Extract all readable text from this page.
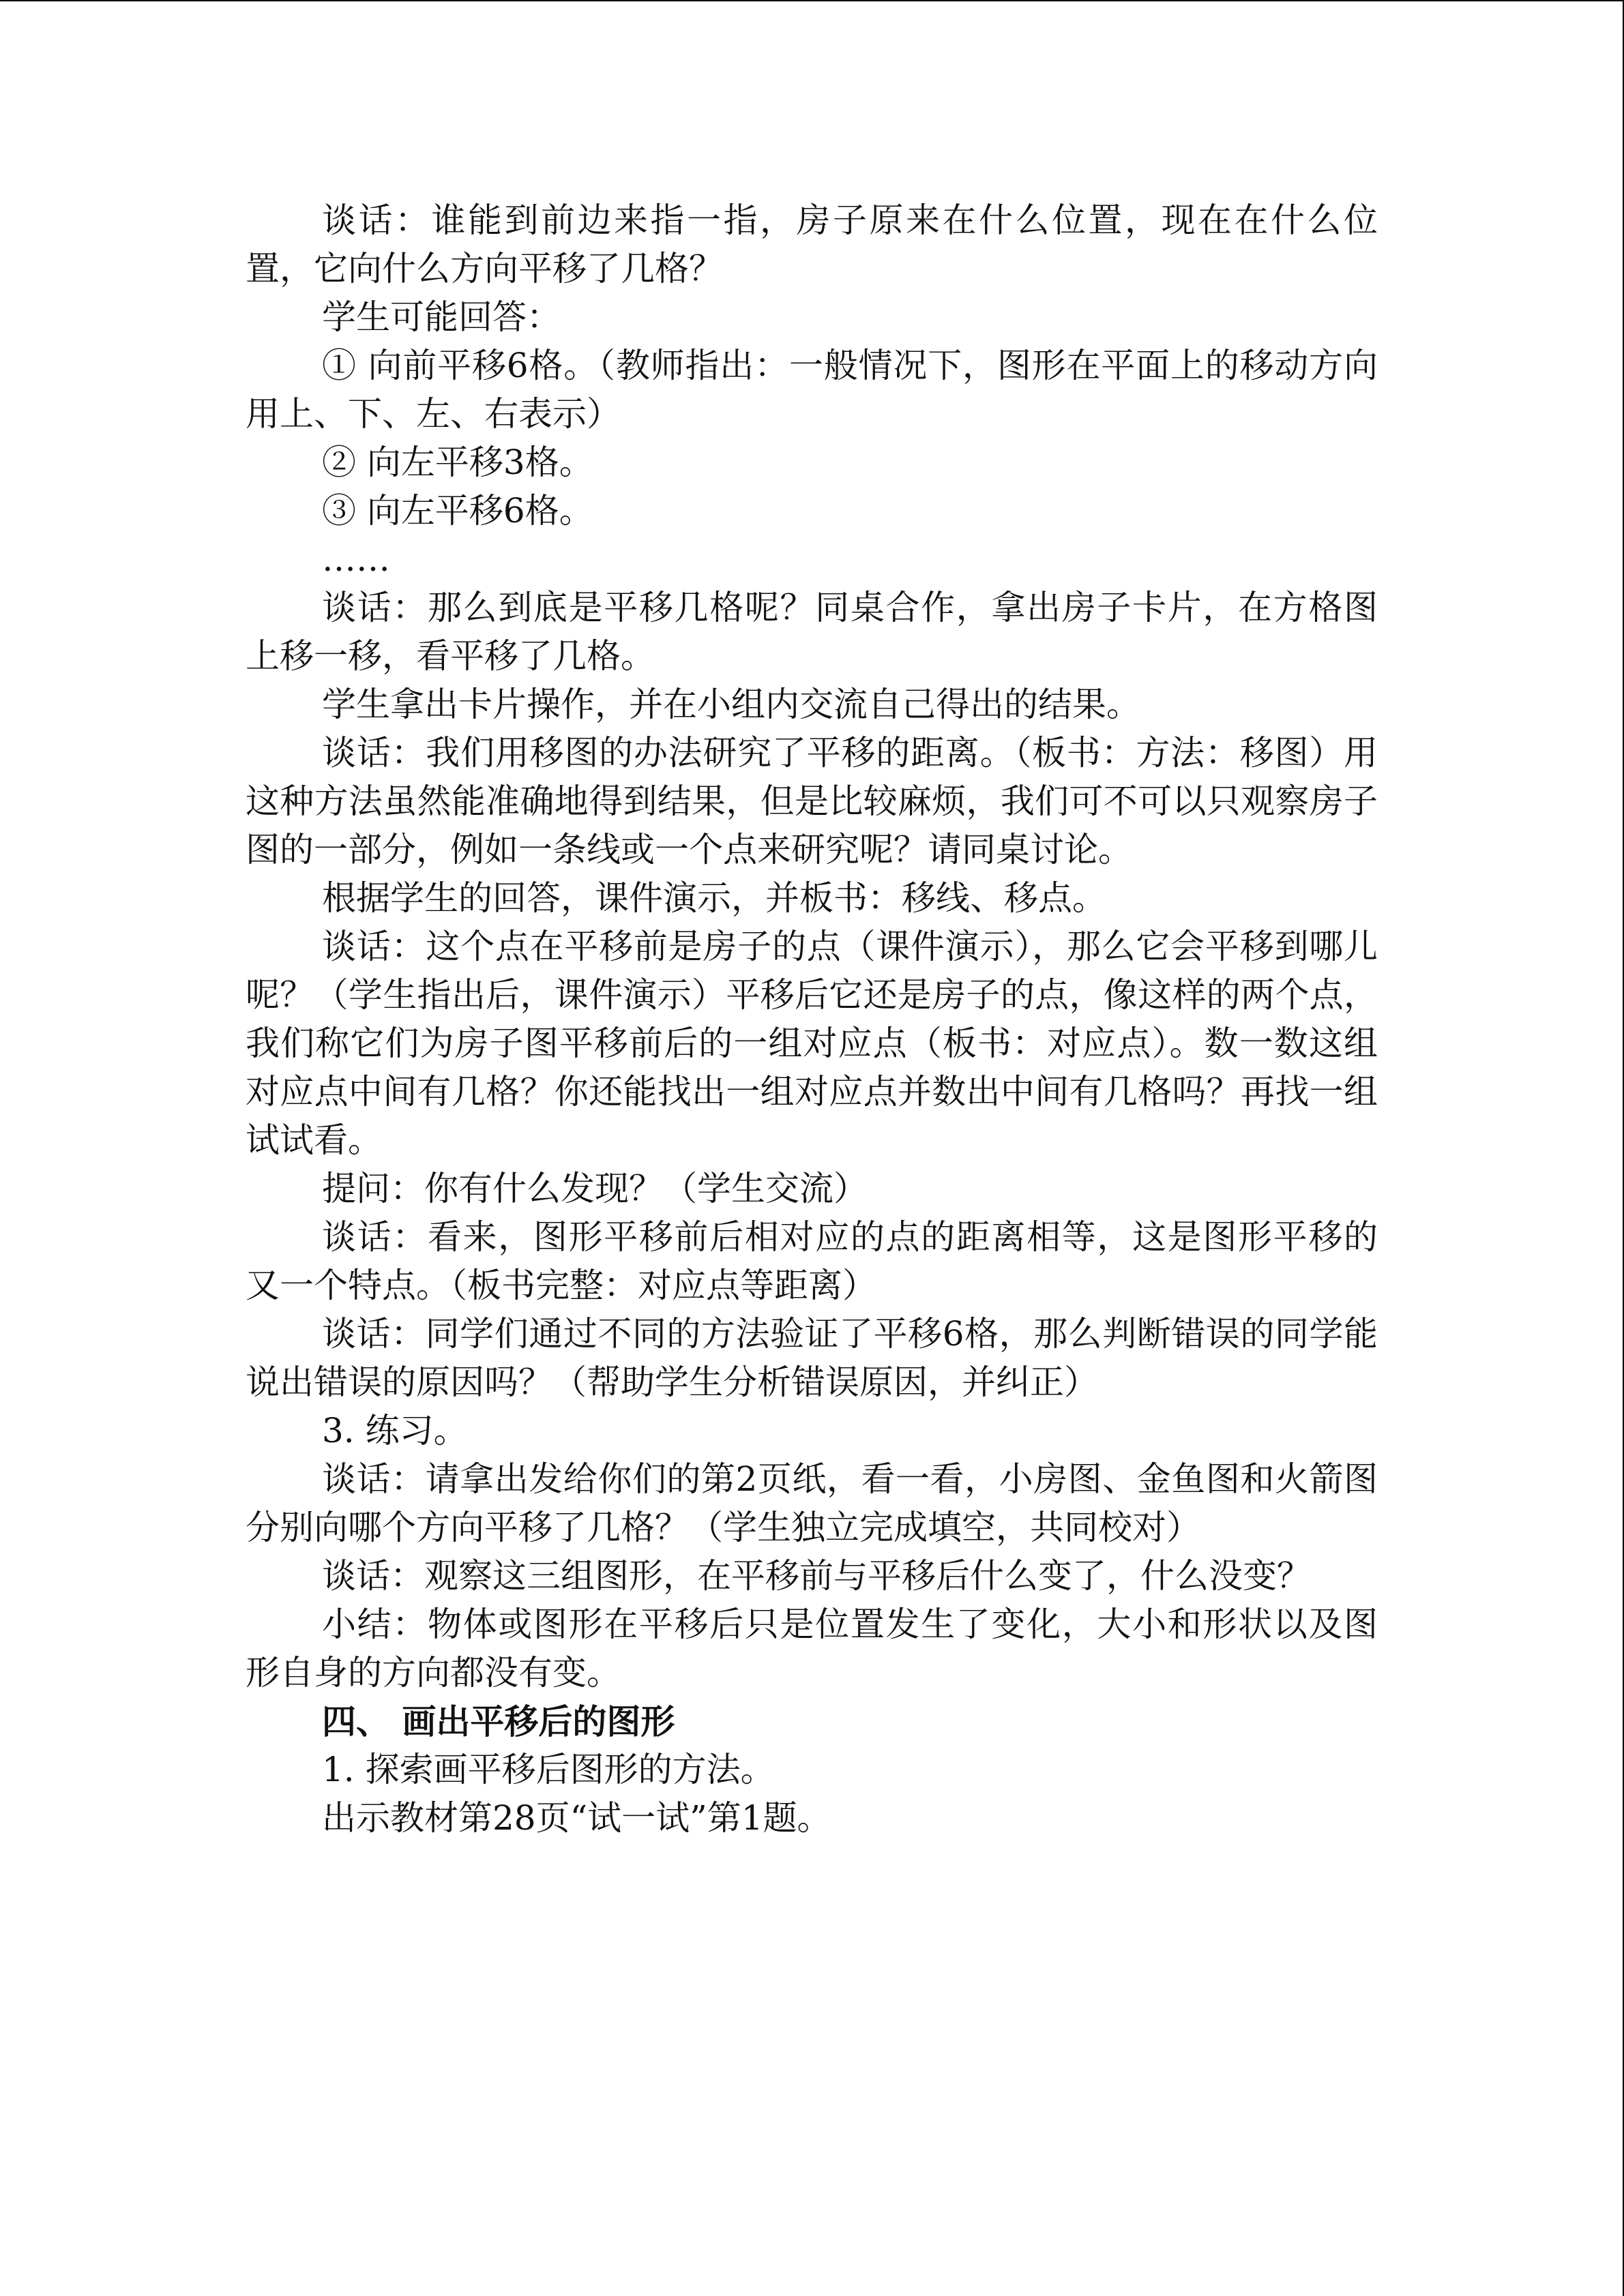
谈话：谁能到前边来指一指，房子原来在什么位置，现在在什么位置，它向什么方向平移了几格？

学生可能回答：

① 向前平移6格。（教师指出：一般情况下，图形在平面上的移动方向用上、下、左、右表示）

② 向左平移3格。

③ 向左平移6格。

……

谈话：那么到底是平移几格呢？同桌合作，拿出房子卡片，在方格图上移一移，看平移了几格。

学生拿出卡片操作，并在小组内交流自己得出的结果。

谈话：我们用移图的办法研究了平移的距离。（板书：方法：移图）用这种方法虽然能准确地得到结果，但是比较麻烦，我们可不可以只观察房子图的一部分，例如一条线或一个点来研究呢？请同桌讨论。

根据学生的回答，课件演示，并板书：移线、移点。

谈话：这个点在平移前是房子的点（课件演示），那么它会平移到哪儿呢？（学生指出后，课件演示）平移后它还是房子的点，像这样的两个点，我们称它们为房子图平移前后的一组对应点（板书：对应点）。数一数这组对应点中间有几格？你还能找出一组对应点并数出中间有几格吗？再找一组试试看。

提问：你有什么发现？（学生交流）

谈话：看来，图形平移前后相对应的点的距离相等，这是图形平移的又一个特点。（板书完整：对应点等距离）

谈话：同学们通过不同的方法验证了平移6格，那么判断错误的同学能说出错误的原因吗？（帮助学生分析错误原因，并纠正）

3. 练习。

谈话：请拿出发给你们的第2页纸，看一看，小房图、金鱼图和火箭图分别向哪个方向平移了几格？（学生独立完成填空，共同校对）

谈话：观察这三组图形，在平移前与平移后什么变了，什么没变？

小结：物体或图形在平移后只是位置发生了变化，大小和形状以及图形自身的方向都没有变。

四、 画出平移后的图形

1. 探索画平移后图形的方法。

出示教材第28页“试一试”第1题。
